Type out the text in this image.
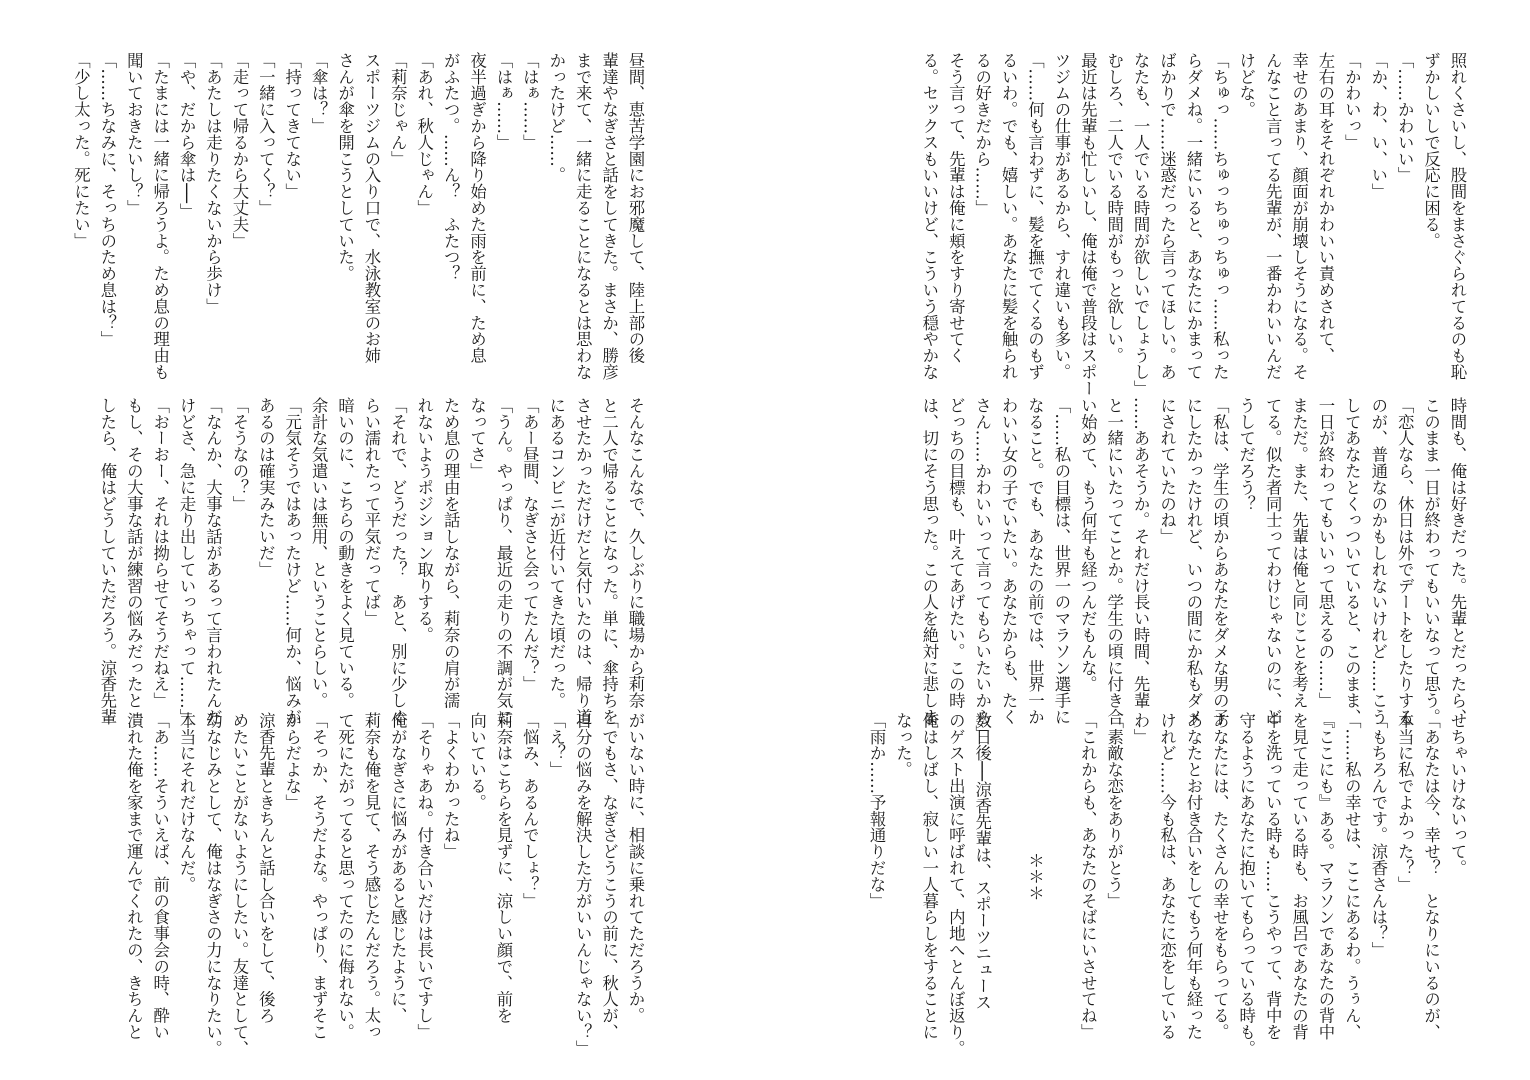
昼間、恵苦学園にお邪魔して、陸上部の後

輩達やなぎさと話をしてきた。まさか、勝彦

まで来て、一緒に走ることになるとは思わな

かったけど……。

「はぁ……」

「はぁ……」

夜半過ぎから降り始めた雨を前に、ため息

がふたつ。……ん？　ふたつ？

「あれ、秋人じゃん」

「莉奈じゃん」

スポーツジムの入り口で、水泳教室のお姉

さんが傘を開こうとしていた。

「傘は？」

「持ってきてない」

「一緒に入ってく？」

「走って帰るから大丈夫」

「あたしは走りたくないから歩け」

「や、だから傘は──」

「たまには一緒に帰ろうよ。ため息の理由も

聞いておきたいし？」

「……ちなみに、そっちのため息は？」

「少し太った。死にたい」

そんなこんなで、久しぶりに職場から莉奈

と二人で帰ることになった。単に、傘持ちを

させたかっただけだと気付いたのは、帰り道

にあるコンビニが近付いてきた頃だった。

「あー昼間、なぎさと会ってたんだ？」

「うん。やっぱり、最近の走りの不調が気に

なってさ」

ため息の理由を話しながら、莉奈の肩が濡

れないようポジション取りする。

「それで、どうだった？　あと、別に少しぐ

らい濡れたって平気だってば」

暗いのに、こちらの動きをよく見ている。

余計な気遣いは無用、ということらしい。

「元気そうではあったけど……何か、悩みが

あるのは確実みたいだ」

「そうなの？」

「なんか、大事な話があるって言われたんだ

けどさ、急に走り出していっちゃって……」

「おーおー、それは拗らせてそうだねえ」

もし、その大事な話が練習の悩みだったと

したら、俺はどうしていただろう。涼香先輩

がいない時に、相談に乗れてただろうか。

「でもさ、なぎさどうこうの前に、秋人が、

自分の悩みを解決した方がいいんじゃない？」

「え？」

「悩み、あるんでしょ？」

莉奈はこちらを見ずに、涼しい顔で、前を

向いている。

「よくわかったね」

「そりゃあね。付き合いだけは長いですし」

俺がなぎさに悩みがあると感じたように、

莉奈も俺を見て、そう感じたんだろう。太っ

て死にたがってると思ってたのに侮れない。

「そっか、そうだよな。やっぱり、まずそこ

からだよな」

涼香先輩ときちんと話し合いをして、後ろ

めたいことがないようにしたい。友達として、

幼なじみとして、俺はなぎさの力になりたい。

本当にそれだけなんだ。

「あ……そういえば、前の食事会の時、酔い

潰れた俺を家まで運んでくれたの、きちんと

照れくさいし、股間をまさぐられてるのも恥

ずかしいしで反応に困る。

「……かわいい」

「か、わ、い、い」

「かわいっ」

左右の耳をそれぞれかわいい責めされて、

幸せのあまり、顔面が崩壊しそうになる。そ

んなこと言ってる先輩が、一番かわいいんだ

けどな。

「ちゅっ……ちゅっちゅっちゅっ……私った

らダメね。一緒にいると、あなたにかまって

ばかりで……迷惑だったら言ってほしい。あ

なたも、一人でいる時間が欲しいでしょうし」

むしろ、二人でいる時間がもっと欲しい。

最近は先輩も忙しいし、俺は俺で普段はスポー

ツジムの仕事があるから、すれ違いも多い。

「……何も言わずに、髪を撫でてくるのもず

るいわ。でも、嬉しい。あなたに髪を触られ

るの好きだから……」

そう言って、先輩は俺に頬をすり寄せてく

る。セックスもいいけど、こういう穏やかな

時間も、俺は好きだった。先輩とだったら、

このまま一日が終わってもいいなって思う。

「恋人なら、休日は外でデートをしたりする

のが、普通なのかもしれないけれど……こう

してあなたとくっついていると、このまま、

一日が終わってもいいって思えるの……」

まただ。また、先輩は俺と同じことを考え

てる。似た者同士ってわけじゃないのに、ど

うしてだろう？

「私は、学生の頃からあなたをダメな男の子

にしたかったけれど、いつの間にか私もダメ

にされていたのね」

……ああそうか。それだけ長い時間、先輩

と一緒にいたってことか。学生の頃に付き合

い始めて、もう何年も経つんだもんな。

「……私の目標は、世界一のマラソン選手に

なること。でも、あなたの前では、世界一か

わいい女の子でいたい。あなたからも、たく

さん……かわいいって言ってもらいたいから」

どっちの目標も、叶えてあげたい。この時

は、切にそう思った。この人を絶対に悲しま

せちゃいけないって。

「あなたは今、幸せ？　となりにいるのが、

本当に私でよかった？」

「もちろんです。涼香さんは？」

「……私の幸せは、ここにあるわ。うぅん、

『ここにも』ある。マラソンであなたの背中

を見て走っている時も、お風呂であなたの背

中を洗っている時も……こうやって、背中を

守るようにあなたに抱いてもらっている時も。

あなたには、たくさんの幸せをもらってる。

あなたとお付き合いをしてもう何年も経った

けれど……今も私は、あなたに恋をしている

わ」

「素敵な恋をありがとう」

「これからも、あなたのそばにいさせてね」

＊＊＊

数日後──涼香先輩は、スポーツニュース

のゲスト出演に呼ばれて、内地へとんぼ返り。

俺はしばし、寂しい一人暮らしをすることに

なった。

「雨か……予報通りだな」
